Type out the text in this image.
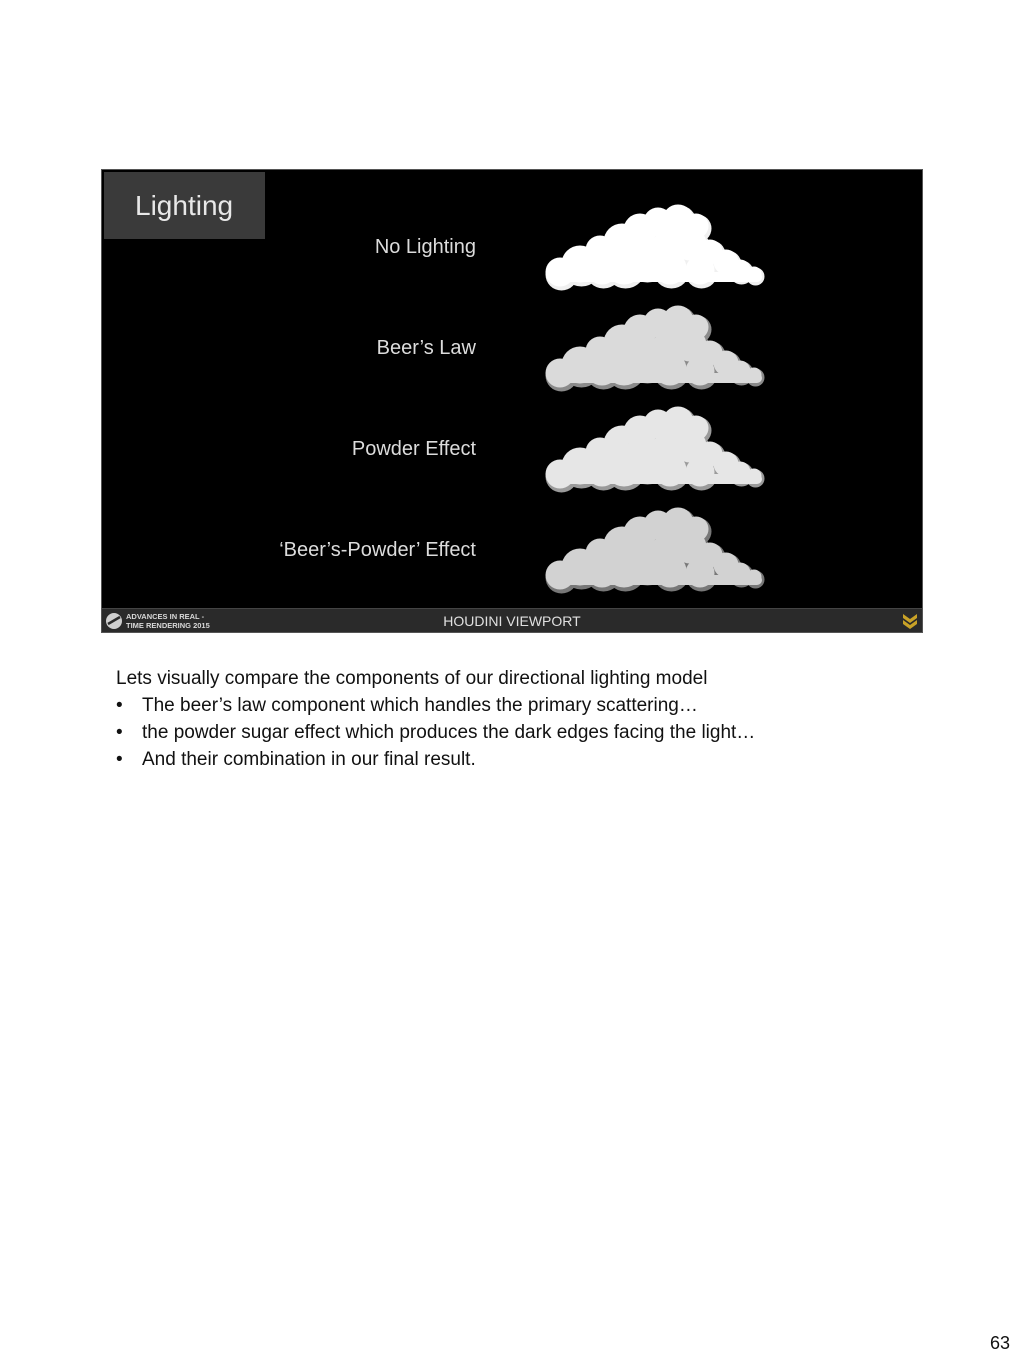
Lighting
No Lighting
Beer’s Law
Powder Effect
‘Beer’s-Powder’ Effect
ADVANCES IN REAL -
TIME RENDERING 2015	HOUDINI VIEWPORT
Lets visually compare the components of our directional lighting model
• The beer’s law component which handles the primary scattering…
• the powder sugar effect which produces the dark edges facing the light…
• And their combination in our final result.
63
